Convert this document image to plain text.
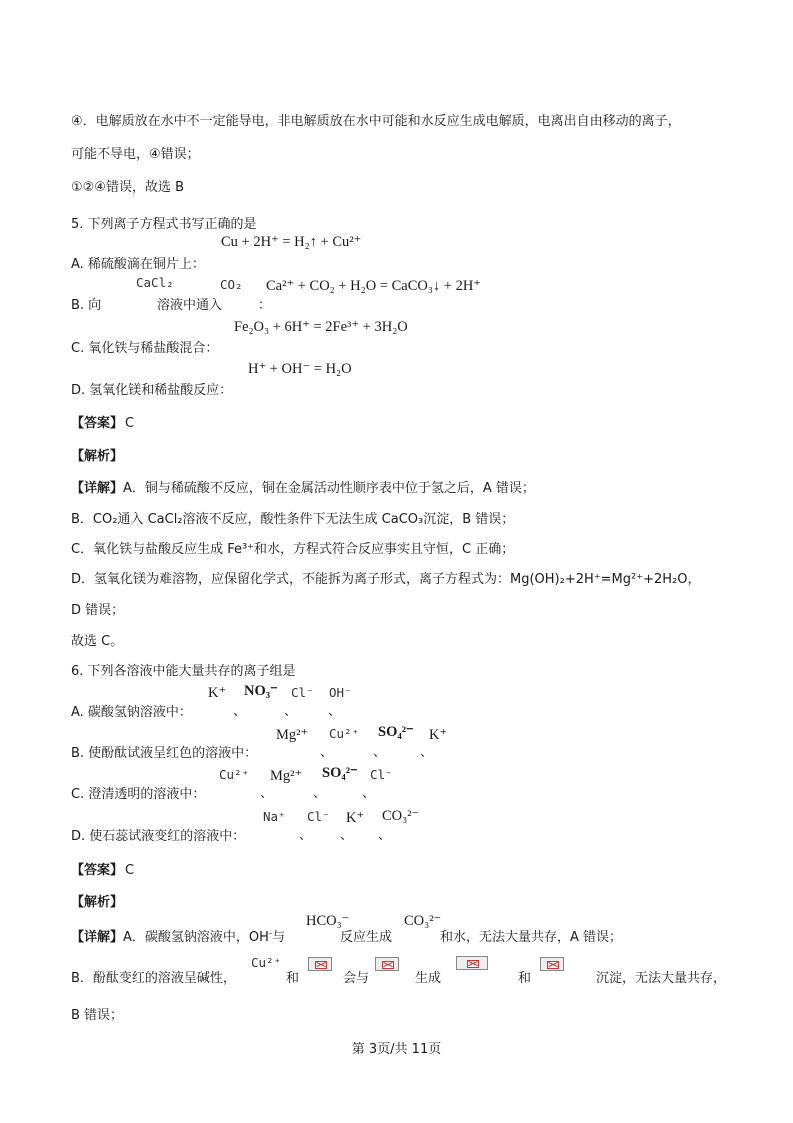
④．电解质放在水中不一定能导电，非电解质放在水中可能和水反应生成电解质，电离出自由移动的离子，
可能不导电，④错误；
①②④错误，故选 B
5. 下列离子方程式书写正确的是
Cu + 2H⁺ = H₂↑ + Cu²⁺
A. 稀硫酸滴在铜片上：
CaCl₂	CO₂ Ca²⁺ + CO₂ + H₂O = CaCO₃↓ + 2H⁺
B. 向	溶液中通入	：
Fe₂O₃ + 6H⁺ = 2Fe³⁺ + 3H₂O
C. 氧化铁与稀盐酸混合：
H⁺ + OH⁻ = H₂O
D. 氢氧化镁和稀盐酸反应：
【答案】 C
【解析】
【详解】A．铜与稀硫酸不反应，铜在金属活动性顺序表中位于氢之后，A 错误；
B．CO₂通入 CaCl₂溶液不反应，酸性条件下无法生成 CaCO₃沉淀，B 错误；
C．氧化铁与盐酸反应生成 Fe³⁺和水，方程式符合反应事实且守恒，C 正确；
D．氢氧化镁为难溶物，应保留化学式，不能拆为离子形式，离子方程式为：Mg(OH)₂+2H⁺=Mg²⁺+2H₂O，
D 错误；
故选 C。
6. 下列各溶液中能大量共存的离子组是
K⁺ NO₃⁻ Cl⁻ OH⁻
A. 碳酸氢钠溶液中：	、	、 、
Mg²⁺ Cu²⁺ SO₄²⁻ K⁺
B. 使酚酞试液呈红色的溶液中：	、	、	、
Cu²⁺ Mg²⁺ SO₄²⁻ Cl⁻
C. 澄清透明的溶液中：	、	、	、
Na⁺ Cl⁻ K⁺ CO₃²⁻
D. 使石蕊试液变红的溶液中：	、 、 、
【答案】 C
【解析】
HCO₃⁻	CO₃²⁻
【详解】A．碳酸氢钠溶液中，OH-与	反应生成	和水，无法大量共存，A 错误；
Cu²⁺
B．酚酞变红的溶液呈碱性，	和	会与	生成	和	沉淀，无法大量共存，
B 错误；
第 3页/共 11页
